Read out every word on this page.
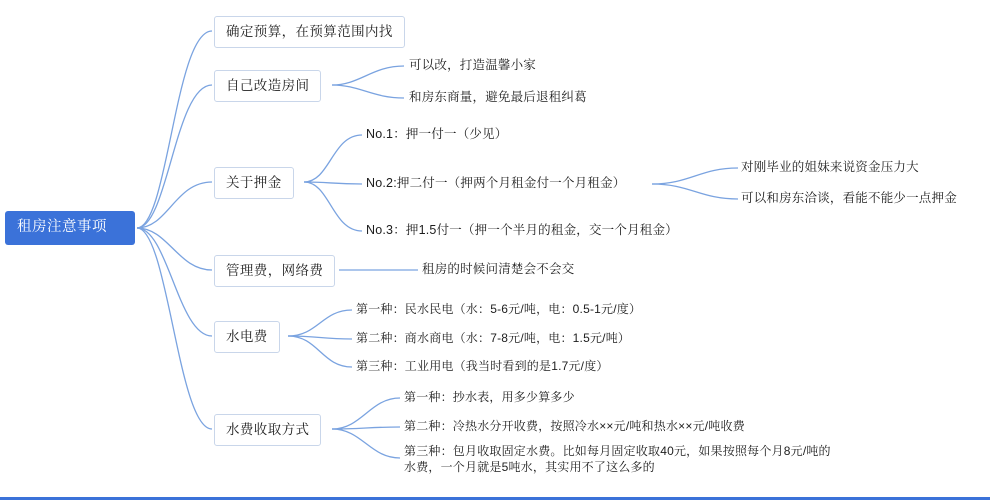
租房注意事项
确定预算，在预算范围内找
自己改造房间
关于押金
管理费，网络费
水电费
水费收取方式
可以改，打造温馨小家
和房东商量，避免最后退租纠葛
No.1：押一付一（少见）
No.2:押二付一（押两个月租金付一个月租金）
No.3：押1.5付一（押一个半月的租金，交一个月租金）
对刚毕业的姐妹来说资金压力大
可以和房东洽谈，看能不能少一点押金
租房的时候问清楚会不会交
第一种：民水民电（水：5-6元/吨，电：0.5-1元/度）
第二种：商水商电（水：7-8元/吨，电：1.5元/吨）
第三种：工业用电（我当时看到的是1.7元/度）
第一种：抄水表，用多少算多少
第二种：冷热水分开收费，按照冷水××元/吨和热水××元/吨收费
第三种：包月收取固定水费。比如每月固定收取40元，如果按照每个月8元/吨的水费，一个月就是5吨水，其实用不了这么多的
